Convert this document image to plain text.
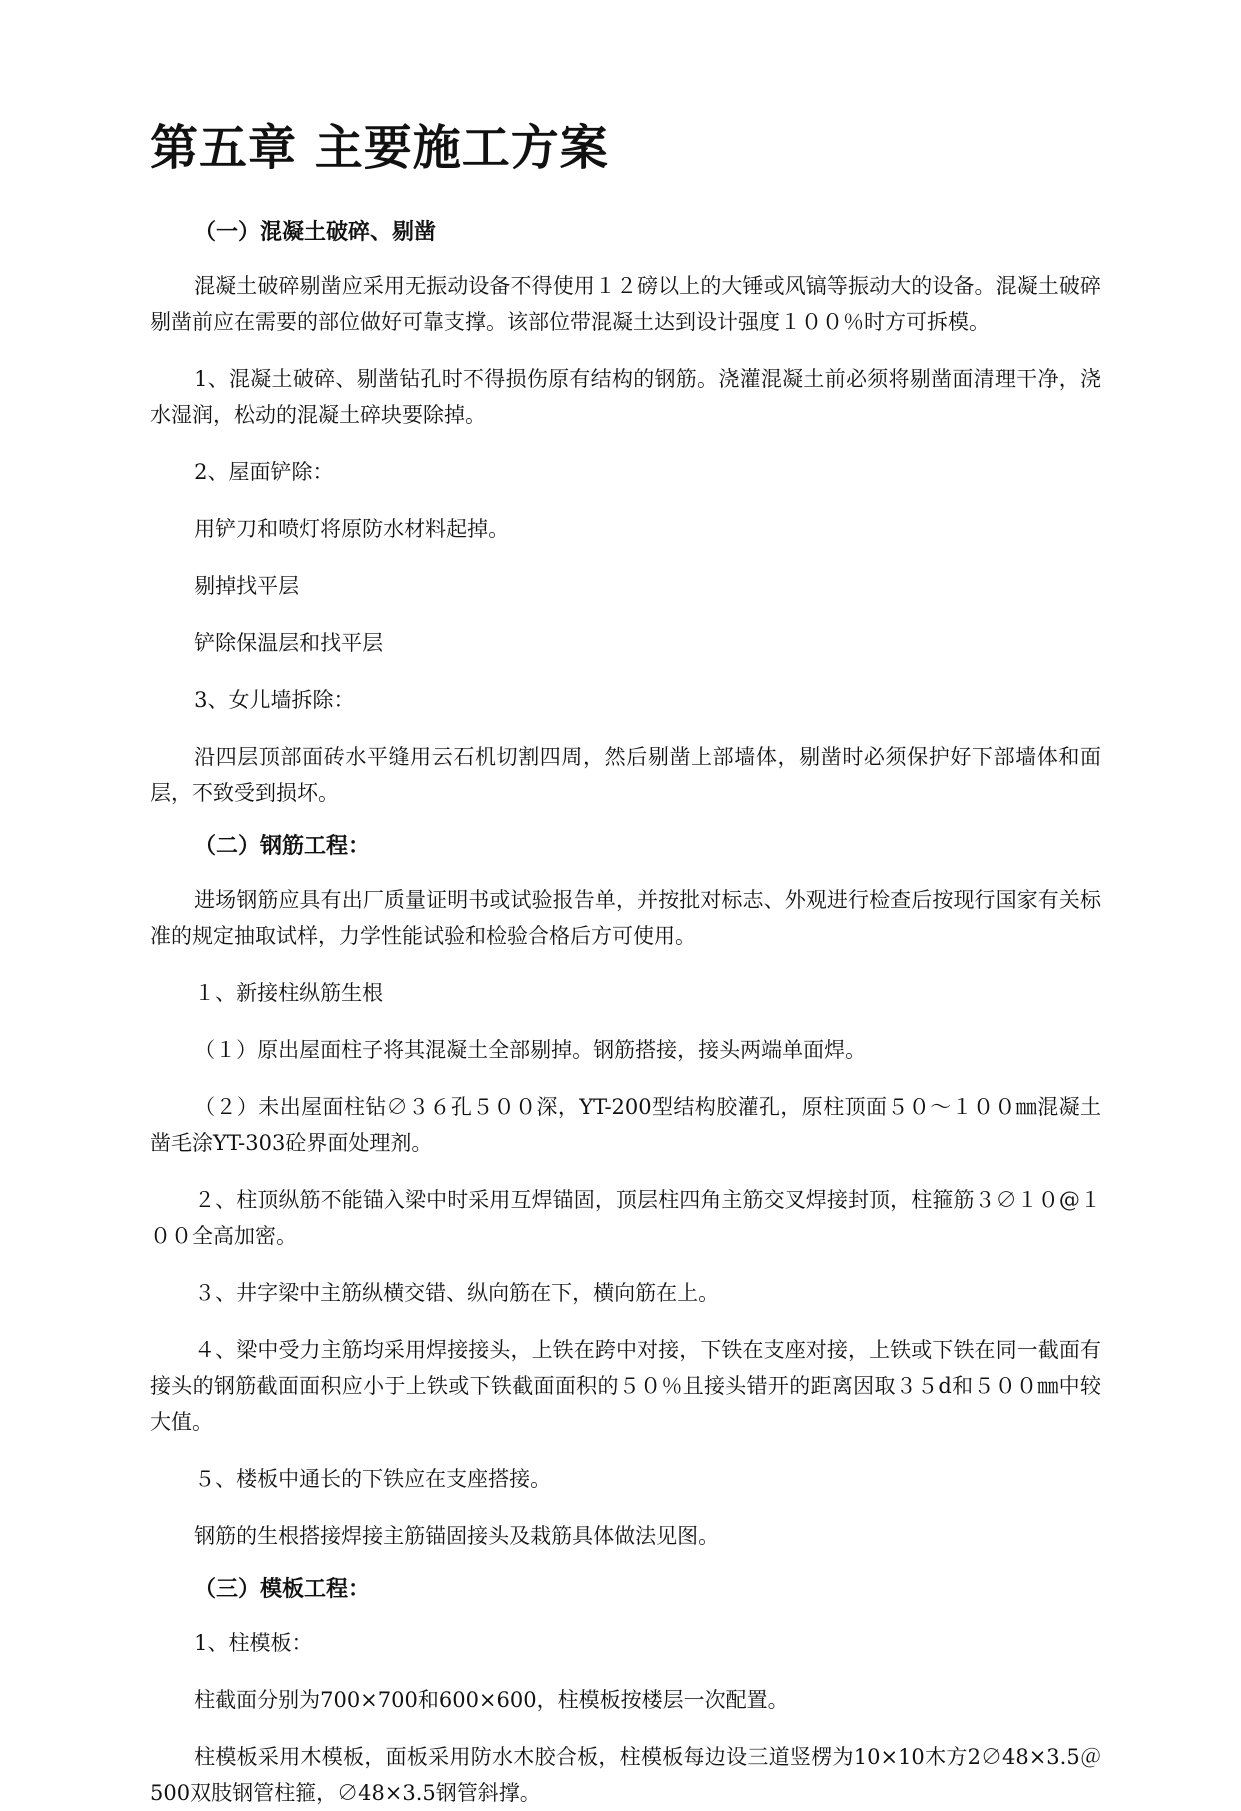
第五章 主要施工方案
（一）混凝土破碎、剔凿

混凝土破碎剔凿应采用无振动设备不得使用１２磅以上的大锤或风镐等振动大的设备。混凝土破碎剔凿前应在需要的部位做好可靠支撑。该部位带混凝土达到设计强度１００％时方可拆模。

1、混凝土破碎、剔凿钻孔时不得损伤原有结构的钢筋。浇灌混凝土前必须将剔凿面清理干净，浇水湿润，松动的混凝土碎块要除掉。

2、屋面铲除：

用铲刀和喷灯将原防水材料起掉。

剔掉找平层

铲除保温层和找平层

3、女儿墙拆除：

沿四层顶部面砖水平缝用云石机切割四周，然后剔凿上部墙体，剔凿时必须保护好下部墙体和面层，不致受到损坏。

（二）钢筋工程：

进场钢筋应具有出厂质量证明书或试验报告单，并按批对标志、外观进行检查后按现行国家有关标准的规定抽取试样，力学性能试验和检验合格后方可使用。

１、新接柱纵筋生根

（１）原出屋面柱子将其混凝土全部剔掉。钢筋搭接，接头两端单面焊。

（２）未出屋面柱钻∅３６孔５００深，YT-200型结构胶灌孔，原柱顶面５０～１００㎜混凝土凿毛涂YT-303砼界面处理剂。

２、柱顶纵筋不能锚入梁中时采用互焊锚固，顶层柱四角主筋交叉焊接封顶，柱箍筋３∅１０@１００全高加密。

３、井字梁中主筋纵横交错、纵向筋在下，横向筋在上。

４、梁中受力主筋均采用焊接接头，上铁在跨中对接，下铁在支座对接，上铁或下铁在同一截面有接头的钢筋截面面积应小于上铁或下铁截面面积的５０％且接头错开的距离因取３５d和５００㎜中较大值。

５、楼板中通长的下铁应在支座搭接。

钢筋的生根搭接焊接主筋锚固接头及栽筋具体做法见图。

（三）模板工程：

1、柱模板：

柱截面分别为700×700和600×600，柱模板按楼层一次配置。

柱模板采用木模板，面板采用防水木胶合板，柱模板每边设三道竖楞为10×10木方2∅48×3.5＠500双肢钢管柱箍，∅48×3.5钢管斜撑。
